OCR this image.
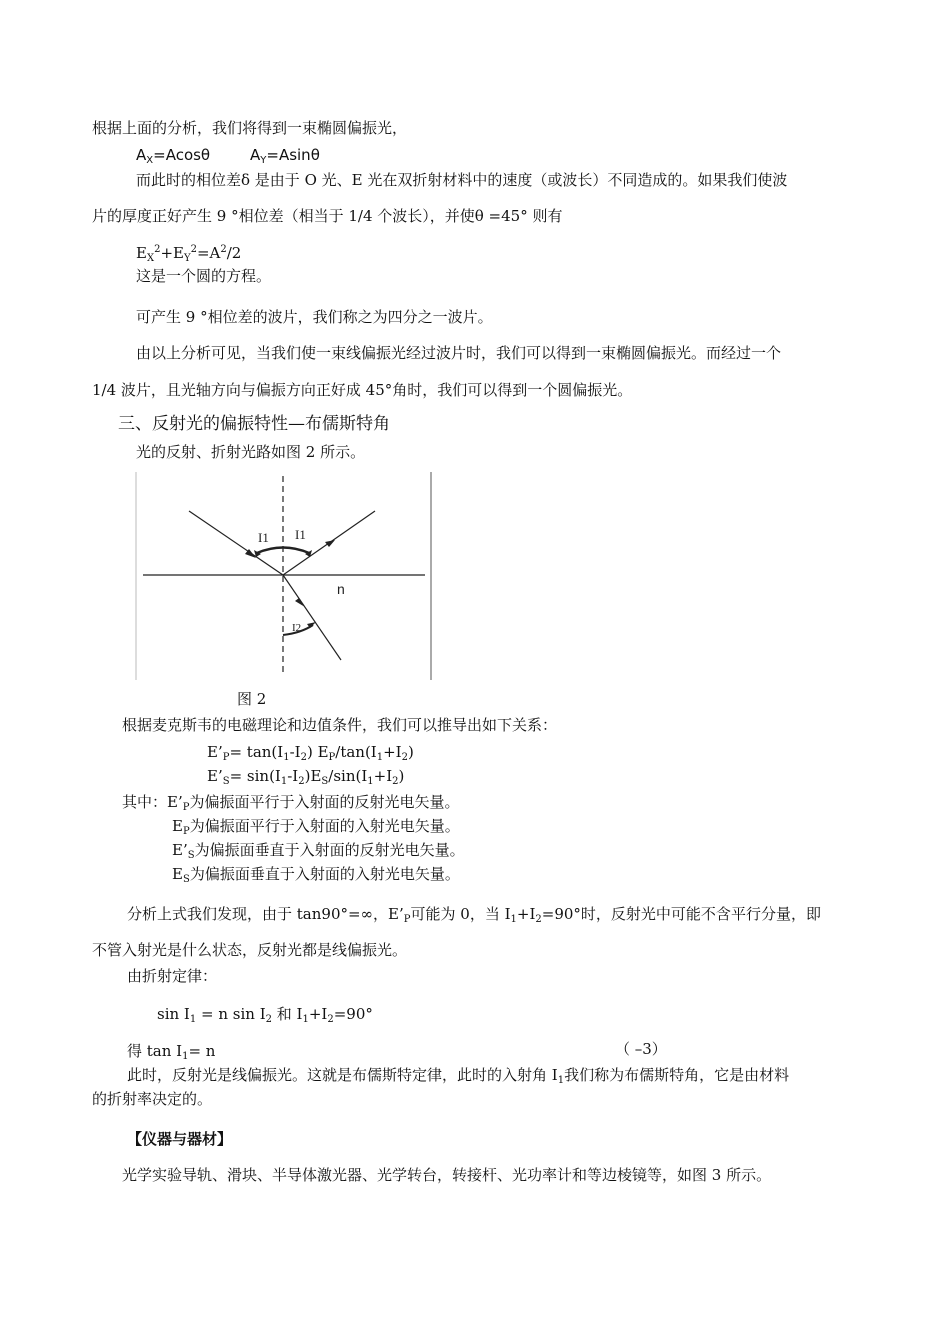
根据上面的分析，我们将得到一束椭圆偏振光，
$A_X=Acos\theta$	$A_Y=Asin\theta$
而此时的相位差δ 是由于 O 光、E 光在双折射材料中的速度（或波长）不同造成的。如果我们使波
片的厚度正好产生 9 °相位差（相当于 1/4 个波长），并使θ =45° 则有
$E_X^2+E_Y^2=A^2/2$
这是一个圆的方程。
可产生 9 °相位差的波片，我们称之为四分之一波片。
由以上分析可见，当我们使一束线偏振光经过波片时，我们可以得到一束椭圆偏振光。而经过一个
1/4 波片，且光轴方向与偏振方向正好成 45°角时，我们可以得到一个圆偏振光。
三、反射光的偏振特性—布儒斯特角
光的反射、折射光路如图 2 所示。
I1 I1
n
I2
图 2
根据麦克斯韦的电磁理论和边值条件，我们可以推导出如下关系：
$E’_P= \tan(I_1-I_2)$ $E_P/\tan(I_1+I_2)$
$E’_S= \sin(I_1-I_2)E_S/\sin(I_1+I_2)$
其中：$E’_P$为偏振面平行于入射面的反射光电矢量。
$E_P$为偏振面平行于入射面的入射光电矢量。
$E’_S$为偏振面垂直于入射面的反射光电矢量。
$E_S$为偏振面垂直于入射面的入射光电矢量。
分析上式我们发现，由于 tan90°=∞，$E’_P$可能为 0，当 $I_1+I_2=90^\circ$时，反射光中可能不含平行分量，即
不管入射光是什么状态，反射光都是线偏振光。
由折射定律：
$\sin I_1 = n$ $\sin I_2$ 和 $I_1+I_2=90^\circ$
得 $\tan I_1= n$	（ –3）
此时，反射光是线偏振光。这就是布儒斯特定律，此时的入射角 $I_1$我们称为布儒斯特角，它是由材料
的折射率决定的。
【仪器与器材】
光学实验导轨、滑块、半导体激光器、光学转台，转接杆、光功率计和等边棱镜等，如图 3 所示。
